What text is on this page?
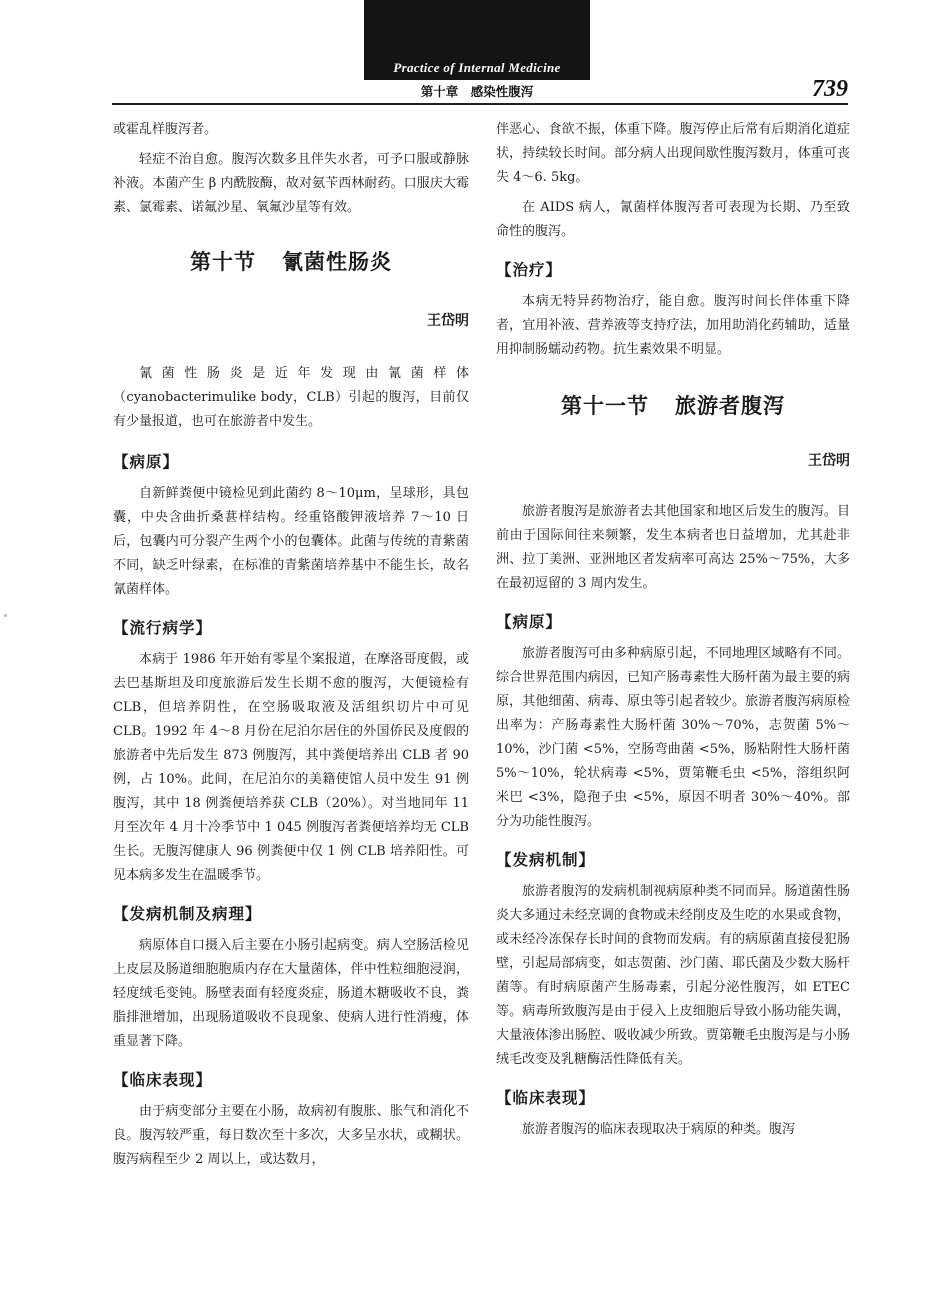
Practice of Internal Medicine
第十章　感染性腹泻	739

或霍乱样腹泻者。

轻症不治自愈。腹泻次数多且伴失水者，可予口服或静脉补液。本菌产生 β 内酰胺酶，故对氨苄西林耐药。口服庆大霉素、氯霉素、诺氟沙星、氧氟沙星等有效。

第十节 氰菌性肠炎

王岱明

氰菌性肠炎是近年发现由氰菌样体（cyanobacterimulike body，CLB）引起的腹泻，目前仅有少量报道，也可在旅游者中发生。

【病原】

自新鲜粪便中镜检见到此菌约 8～10μm，呈球形，具包囊，中央含曲折桑葚样结构。经重铬酸钾液培养 7～10 日后，包囊内可分裂产生两个小的包囊体。此菌与传统的青紫菌不同，缺乏叶绿素，在标准的青紫菌培养基中不能生长，故名氰菌样体。

【流行病学】

本病于 1986 年开始有零星个案报道，在摩洛哥度假，或去巴基斯坦及印度旅游后发生长期不愈的腹泻，大便镜检有 CLB，但培养阴性，在空肠吸取液及活组织切片中可见 CLB。1992 年 4～8 月份在尼泊尔居住的外国侨民及度假的旅游者中先后发生 873 例腹泻，其中粪便培养出 CLB 者 90 例，占 10%。此间，在尼泊尔的美籍使馆人员中发生 91 例腹泻，其中 18 例粪便培养获 CLB（20%）。对当地同年 11 月至次年 4 月十冷季节中 1 045 例腹泻者粪便培养均无 CLB 生长。无腹泻健康人 96 例粪便中仅 1 例 CLB 培养阳性。可见本病多发生在温暖季节。

【发病机制及病理】

病原体自口摄入后主要在小肠引起病变。病人空肠活检见上皮层及肠道细胞胞质内存在大量菌体，伴中性粒细胞浸润，轻度绒毛变钝。肠壁表面有轻度炎症，肠道木糖吸收不良，粪脂排泄增加，出现肠道吸收不良现象、使病人进行性消瘦，体重显著下降。

【临床表现】

由于病变部分主要在小肠，故病初有腹胀、胀气和消化不良。腹泻较严重，每日数次至十多次，大多呈水状，或糊状。腹泻病程至少 2 周以上，或达数月，

伴恶心、食欲不振，体重下降。腹泻停止后常有后期消化道症状，持续较长时间。部分病人出现间歇性腹泻数月，体重可丧失 4～6. 5kg。

在 AIDS 病人，氰菌样体腹泻者可表现为长期、乃至致命性的腹泻。

【治疗】

本病无特异药物治疗，能自愈。腹泻时间长伴体重下降者，宜用补液、营养液等支持疗法，加用助消化药辅助，适量用抑制肠蠕动药物。抗生素效果不明显。

第十一节 旅游者腹泻

王岱明

旅游者腹泻是旅游者去其他国家和地区后发生的腹泻。目前由于国际间往来频繁，发生本病者也日益增加，尤其赴非洲、拉丁美洲、亚洲地区者发病率可高达 25%～75%，大多在最初逗留的 3 周内发生。

【病原】

旅游者腹泻可由多种病原引起，不同地理区域略有不同。综合世界范围内病因，已知产肠毒素性大肠杆菌为最主要的病原，其他细菌、病毒、原虫等引起者较少。旅游者腹泻病原检出率为：产肠毒素性大肠杆菌 30%～70%，志贺菌 5%～10%，沙门菌 <5%，空肠弯曲菌 <5%，肠粘附性大肠杆菌 5%～10%，轮状病毒 <5%，贾第鞭毛虫 <5%，溶组织阿米巴 <3%，隐孢子虫 <5%，原因不明者 30%～40%。部分为功能性腹泻。

【发病机制】

旅游者腹泻的发病机制视病原种类不同而异。肠道菌性肠炎大多通过未经烹调的食物或未经削皮及生吃的水果或食物，或未经冷冻保存长时间的食物而发病。有的病原菌直接侵犯肠壁，引起局部病变，如志贺菌、沙门菌、耶氏菌及少数大肠杆菌等。有时病原菌产生肠毒素，引起分泌性腹泻，如 ETEC 等。病毒所致腹泻是由于侵入上皮细胞后导致小肠功能失调，大量液体渗出肠腔、吸收减少所致。贾第鞭毛虫腹泻是与小肠绒毛改变及乳糖酶活性降低有关。

【临床表现】

旅游者腹泻的临床表现取决于病原的种类。腹泻
